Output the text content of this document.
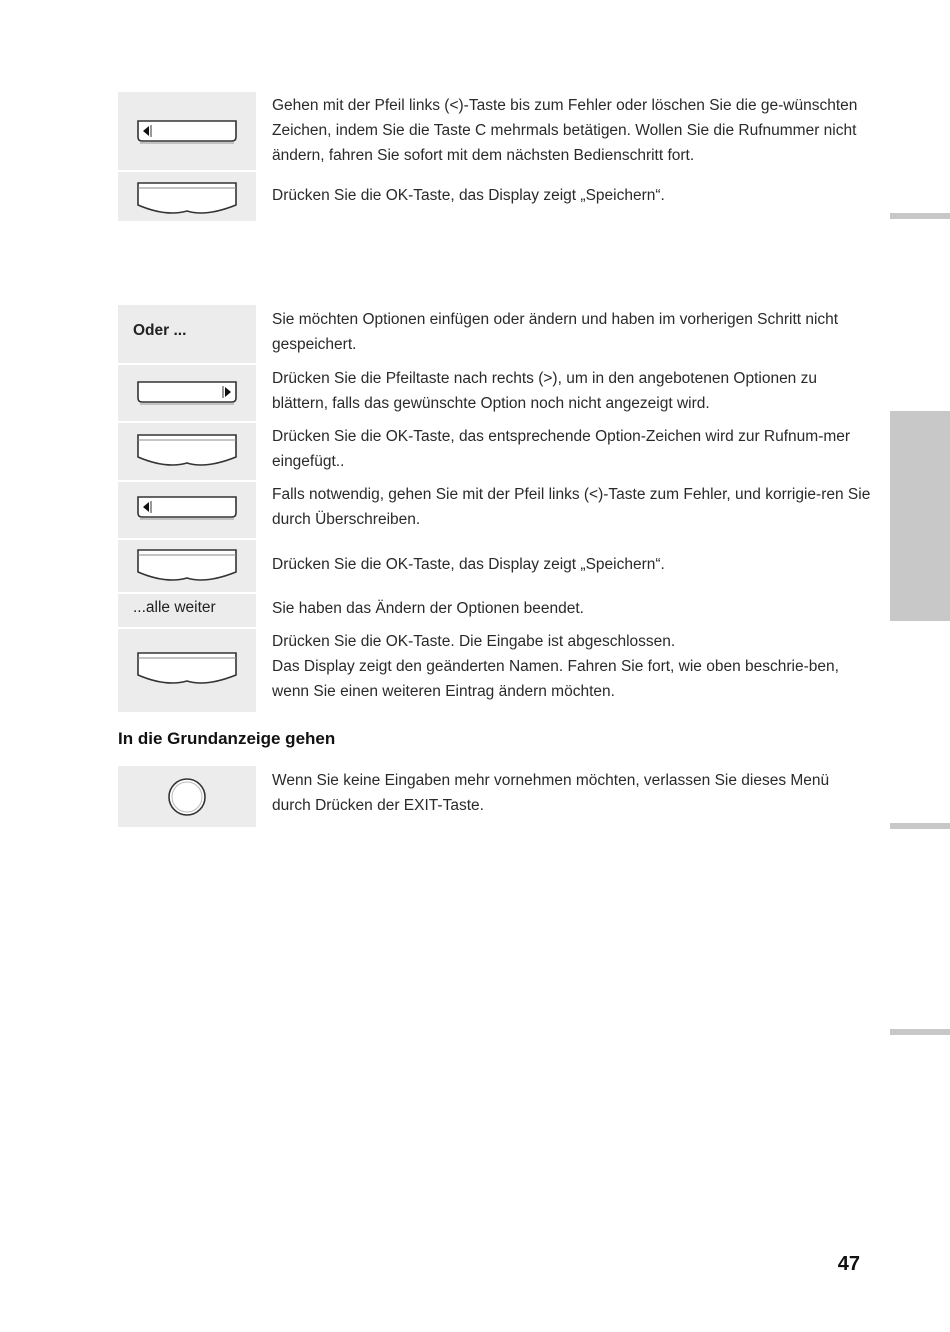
Gehen mit der Pfeil links (<)-Taste bis zum Fehler oder löschen Sie die ge-wünschten Zeichen, indem Sie die Taste C mehrmals betätigen. Wollen Sie die Rufnummer nicht ändern, fahren Sie sofort mit dem nächsten Bedienschritt fort.
Drücken Sie die OK-Taste, das Display zeigt „Speichern“.
Oder ...
Sie möchten Optionen einfügen oder ändern und haben im vorherigen Schritt nicht gespeichert.
Drücken Sie die Pfeiltaste nach rechts (>), um in den angebotenen Optionen zu blättern, falls das gewünschte Option noch nicht angezeigt wird.
Drücken Sie die OK-Taste, das entsprechende Option-Zeichen wird zur Rufnum-mer eingefügt..
Falls notwendig, gehen Sie mit der Pfeil links (<)-Taste zum Fehler, und korrigie-ren Sie durch Überschreiben.
Drücken Sie die OK-Taste, das Display zeigt „Speichern“.
...alle weiter	Sie haben das Ändern der Optionen beendet.
Drücken Sie die OK-Taste. Die Eingabe ist abgeschlossen.
Das Display zeigt den geänderten Namen. Fahren Sie fort, wie oben beschrie-ben, wenn Sie einen weiteren Eintrag ändern möchten.
In die Grundanzeige gehen
Wenn Sie keine Eingaben mehr vornehmen möchten, verlassen Sie dieses Menü durch Drücken der EXIT-Taste.
47
